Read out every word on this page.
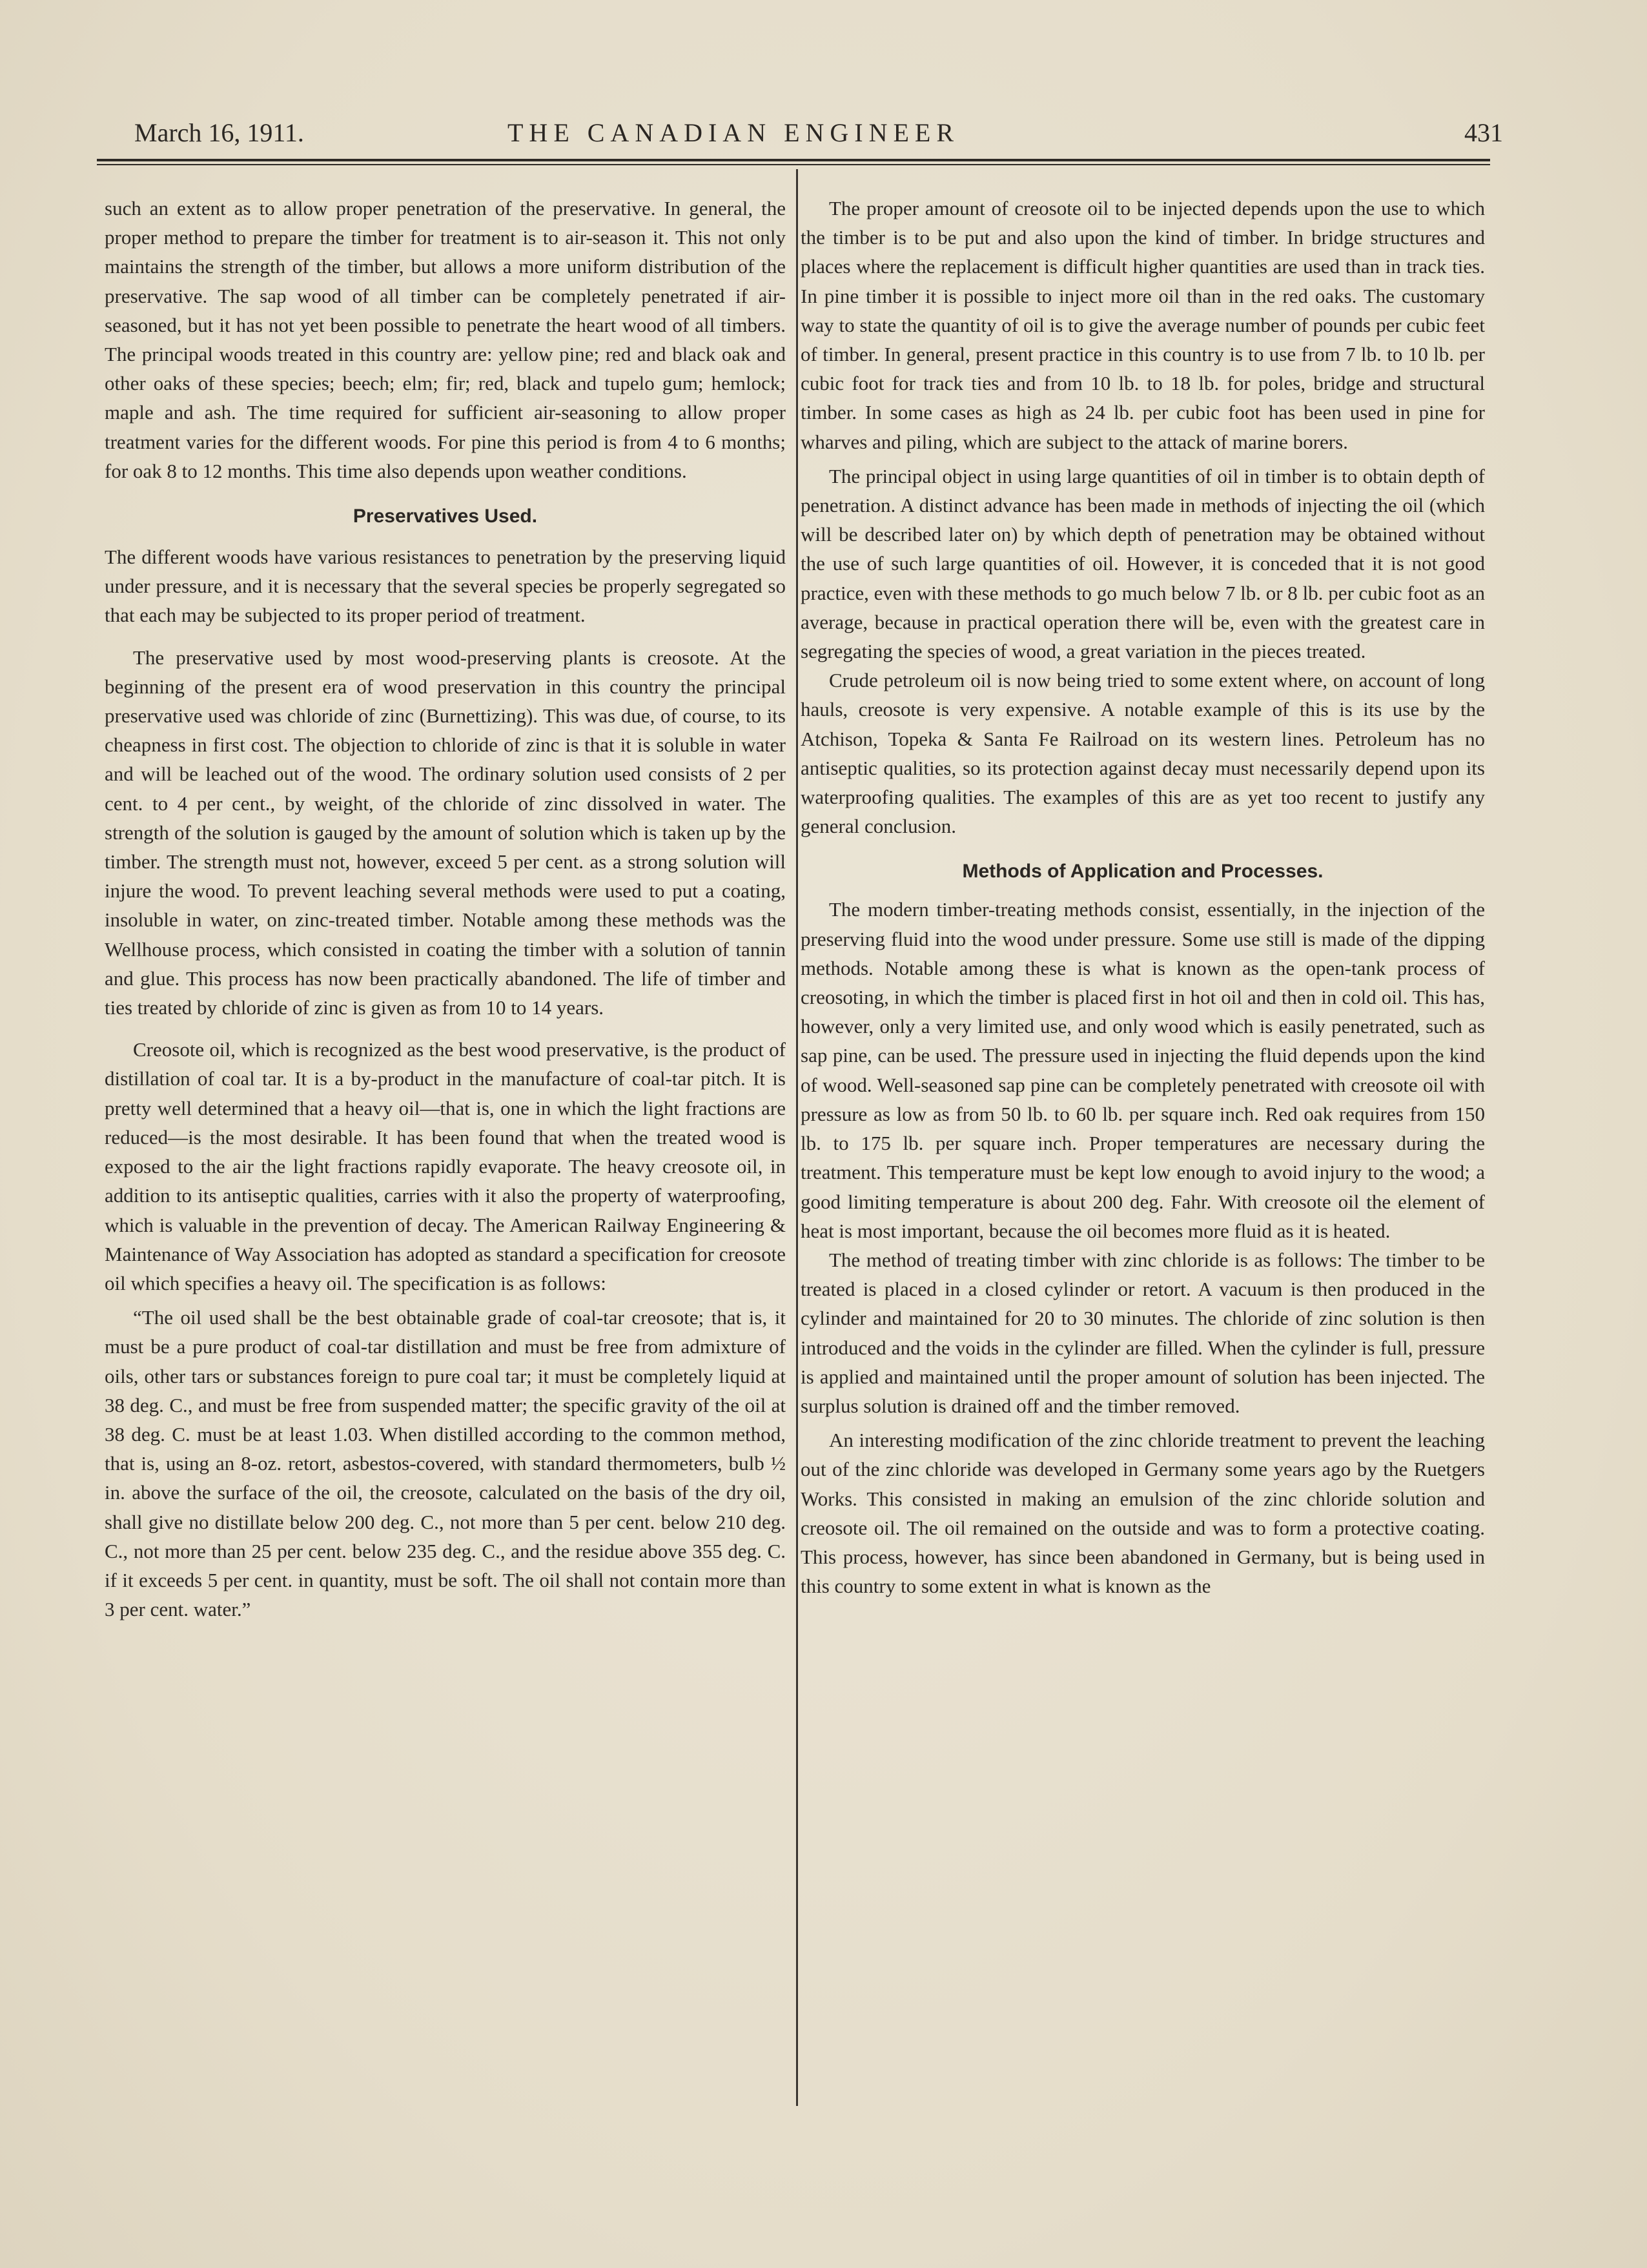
March 16, 1911.	THE CANADIAN ENGINEER	431

such an extent as to allow proper penetration of the preservative. In general, the proper method to prepare the timber for treatment is to air-season it. This not only maintains the strength of the timber, but allows a more uniform distribution of the preservative. The sap wood of all timber can be completely penetrated if air-seasoned, but it has not yet been possible to penetrate the heart wood of all timbers. The principal woods treated in this country are: yellow pine; red and black oak and other oaks of these species; beech; elm; fir; red, black and tupelo gum; hemlock; maple and ash. The time required for sufficient air-seasoning to allow proper treatment varies for the different woods. For pine this period is from 4 to 6 months; for oak 8 to 12 months. This time also depends upon weather conditions.

Preservatives Used.

The different woods have various resistances to penetration by the preserving liquid under pressure, and it is necessary that the several species be properly segregated so that each may be subjected to its proper period of treatment.

The preservative used by most wood-preserving plants is creosote. At the beginning of the present era of wood preservation in this country the principal preservative used was chloride of zinc (Burnettizing). This was due, of course, to its cheapness in first cost. The objection to chloride of zinc is that it is soluble in water and will be leached out of the wood. The ordinary solution used consists of 2 per cent. to 4 per cent., by weight, of the chloride of zinc dissolved in water. The strength of the solution is gauged by the amount of solution which is taken up by the timber. The strength must not, however, exceed 5 per cent. as a strong solution will injure the wood. To prevent leaching several methods were used to put a coating, insoluble in water, on zinc-treated timber. Notable among these methods was the Wellhouse process, which consisted in coating the timber with a solution of tannin and glue. This process has now been practically abandoned. The life of timber and ties treated by chloride of zinc is given as from 10 to 14 years.

Creosote oil, which is recognized as the best wood preservative, is the product of distillation of coal tar. It is a by-product in the manufacture of coal-tar pitch. It is pretty well determined that a heavy oil—that is, one in which the light fractions are reduced—is the most desirable. It has been found that when the treated wood is exposed to the air the light fractions rapidly evaporate. The heavy creosote oil, in addition to its antiseptic qualities, carries with it also the property of waterproofing, which is valuable in the prevention of decay. The American Railway Engineering & Maintenance of Way Association has adopted as standard a specification for creosote oil which specifies a heavy oil. The specification is as follows:

“The oil used shall be the best obtainable grade of coal-tar creosote; that is, it must be a pure product of coal-tar distillation and must be free from admixture of oils, other tars or substances foreign to pure coal tar; it must be completely liquid at 38 deg. C., and must be free from suspended matter; the specific gravity of the oil at 38 deg. C. must be at least 1.03. When distilled according to the common method, that is, using an 8-oz. retort, asbestos-covered, with standard thermometers, bulb ½ in. above the surface of the oil, the creosote, calculated on the basis of the dry oil, shall give no distillate below 200 deg. C., not more than 5 per cent. below 210 deg. C., not more than 25 per cent. below 235 deg. C., and the residue above 355 deg. C. if it exceeds 5 per cent. in quantity, must be soft. The oil shall not contain more than 3 per cent. water.”

The proper amount of creosote oil to be injected depends upon the use to which the timber is to be put and also upon the kind of timber. In bridge structures and places where the replacement is difficult higher quantities are used than in track ties. In pine timber it is possible to inject more oil than in the red oaks. The customary way to state the quantity of oil is to give the average number of pounds per cubic feet of timber. In general, present practice in this country is to use from 7 lb. to 10 lb. per cubic foot for track ties and from 10 lb. to 18 lb. for poles, bridge and structural timber. In some cases as high as 24 lb. per cubic foot has been used in pine for wharves and piling, which are subject to the attack of marine borers.

The principal object in using large quantities of oil in timber is to obtain depth of penetration. A distinct advance has been made in methods of injecting the oil (which will be described later on) by which depth of penetration may be obtained without the use of such large quantities of oil. However, it is conceded that it is not good practice, even with these methods to go much below 7 lb. or 8 lb. per cubic foot as an average, because in practical operation there will be, even with the greatest care in segregating the species of wood, a great variation in the pieces treated.

Crude petroleum oil is now being tried to some extent where, on account of long hauls, creosote is very expensive. A notable example of this is its use by the Atchison, Topeka & Santa Fe Railroad on its western lines. Petroleum has no antiseptic qualities, so its protection against decay must necessarily depend upon its waterproofing qualities. The examples of this are as yet too recent to justify any general conclusion.

Methods of Application and Processes.

The modern timber-treating methods consist, essentially, in the injection of the preserving fluid into the wood under pressure. Some use still is made of the dipping methods. Notable among these is what is known as the open-tank process of creosoting, in which the timber is placed first in hot oil and then in cold oil. This has, however, only a very limited use, and only wood which is easily penetrated, such as sap pine, can be used. The pressure used in injecting the fluid depends upon the kind of wood. Well-seasoned sap pine can be completely penetrated with creosote oil with pressure as low as from 50 lb. to 60 lb. per square inch. Red oak requires from 150 lb. to 175 lb. per square inch. Proper temperatures are necessary during the treatment. This temperature must be kept low enough to avoid injury to the wood; a good limiting temperature is about 200 deg. Fahr. With creosote oil the element of heat is most important, because the oil becomes more fluid as it is heated.

The method of treating timber with zinc chloride is as follows: The timber to be treated is placed in a closed cylinder or retort. A vacuum is then produced in the cylinder and maintained for 20 to 30 minutes. The chloride of zinc solution is then introduced and the voids in the cylinder are filled. When the cylinder is full, pressure is applied and maintained until the proper amount of solution has been injected. The surplus solution is drained off and the timber removed.

An interesting modification of the zinc chloride treatment to prevent the leaching out of the zinc chloride was developed in Germany some years ago by the Ruetgers Works. This consisted in making an emulsion of the zinc chloride solution and creosote oil. The oil remained on the outside and was to form a protective coating. This process, however, has since been abandoned in Germany, but is being used in this country to some extent in what is known as the
